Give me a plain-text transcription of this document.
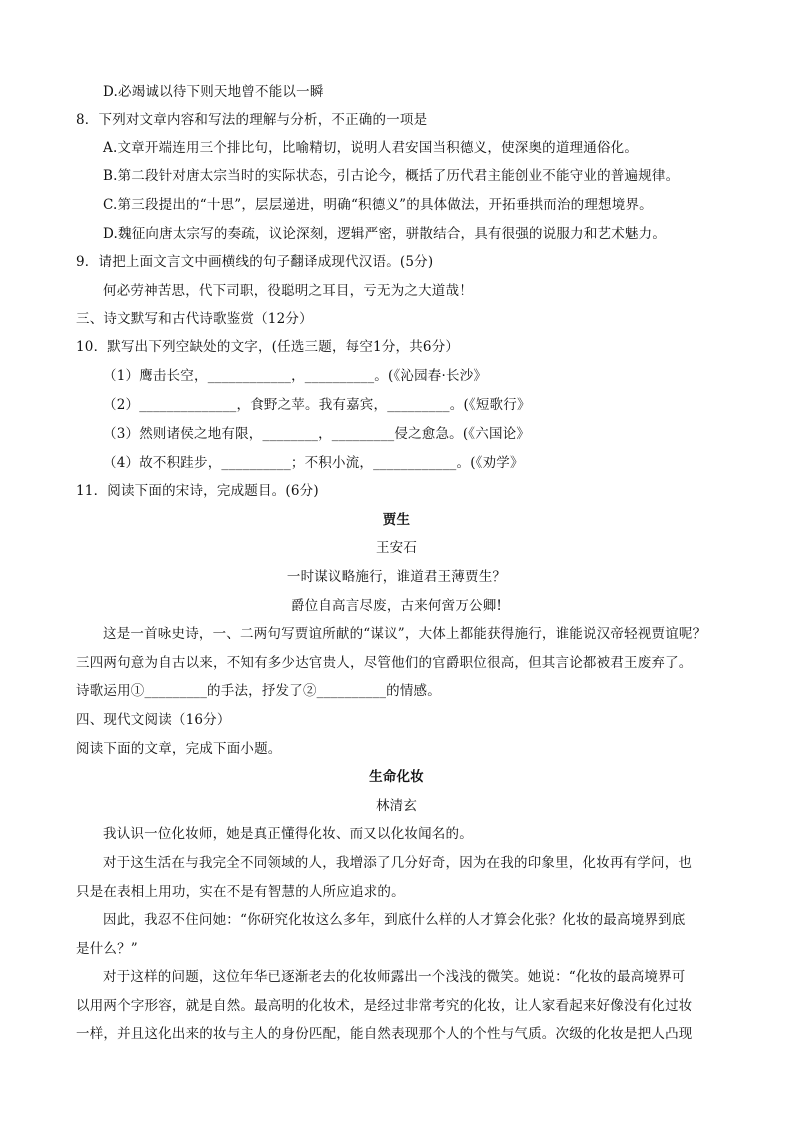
D.必竭诚以待下则天地曾不能以一瞬
8．下列对文章内容和写法的理解与分析，不正确的一项是
A.文章开端连用三个排比句，比喻精切，说明人君安国当积德义，使深奥的道理通俗化。
B.第二段针对唐太宗当时的实际状态，引古论今，概括了历代君主能创业不能守业的普遍规律。
C.第三段提出的“十思”，层层递进，明确“积德义”的具体做法，开拓垂拱而治的理想境界。
D.魏征向唐太宗写的奏疏，议论深刻，逻辑严密，骈散结合，具有很强的说服力和艺术魅力。
9．请把上面文言文中画横线的句子翻译成现代汉语。(5分)
何必劳神苦思，代下司职，役聪明之耳目，亏无为之大道哉！
三、诗文默写和古代诗歌鉴赏（12分）
10．默写出下列空缺处的文字，(任选三题，每空1分，共6分）
（1）鹰击长空，____________，__________。(《沁园春·长沙》
（2）______________，食野之苹。我有嘉宾，_________。(《短歌行》
（3）然则诸侯之地有限，________，_________侵之愈急。(《六国论》
（4）故不积跬步，__________；不积小流，____________。(《劝学》
11．阅读下面的宋诗，完成题目。(6分)
贾生
王安石
一时谋议略施行，谁道君王薄贾生？
爵位自高言尽废，古来何啻万公卿!
这是一首咏史诗，一、二两句写贾谊所献的“谋议”，大体上都能获得施行，谁能说汉帝轻视贾谊呢？
三四两句意为自古以来，不知有多少达官贵人，尽管他们的官爵职位很高，但其言论都被君王废弃了。
诗歌运用①_________的手法，抒发了②__________的情感。
四、现代文阅读（16分）
阅读下面的文章，完成下面小题。
生命化妆
林清玄
我认识一位化妆师，她是真正懂得化妆、而又以化妆闻名的。
对于这生活在与我完全不同领域的人，我增添了几分好奇，因为在我的印象里，化妆再有学问，也
只是在表相上用功，实在不是有智慧的人所应追求的。
因此，我忍不住问她：“你研究化妆这么多年，到底什么样的人才算会化张？化妆的最高境界到底
是什么？”
对于这样的问题，这位年华已逐渐老去的化妆师露出一个浅浅的微笑。她说：“化妆的最高境界可
以用两个字形容，就是自然。最高明的化妆术，是经过非常考究的化妆，让人家看起来好像没有化过妆
一样，并且这化出来的妆与主人的身份匹配，能自然表现那个人的个性与气质。次级的化妆是把人凸现
